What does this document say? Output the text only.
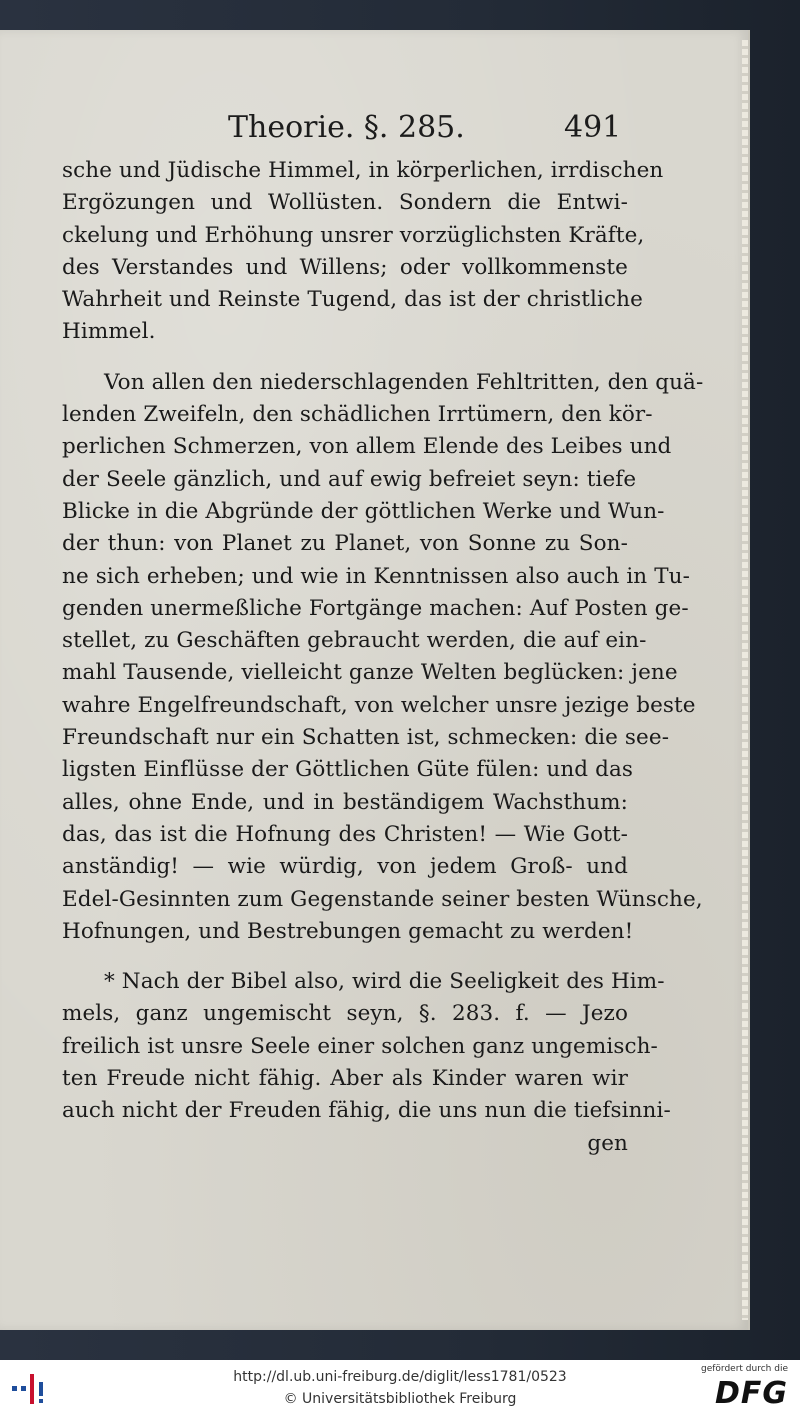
Theorie. §. 285.	491
sche und Jüdische Himmel, in körperlichen, irrdischen
Ergözungen und Wollüsten. Sondern die Entwi-
ckelung und Erhöhung unsrer vorzüglichsten Kräfte,
des Verstandes und Willens; oder vollkommenste
Wahrheit und Reinste Tugend, das ist der christliche
Himmel.
Von allen den niederschlagenden Fehltritten, den quä-
lenden Zweifeln, den schädlichen Irrtümern, den kör-
perlichen Schmerzen, von allem Elende des Leibes und
der Seele gänzlich, und auf ewig befreiet seyn: tiefe
Blicke in die Abgründe der göttlichen Werke und Wun-
der thun: von Planet zu Planet, von Sonne zu Son-
ne sich erheben; und wie in Kenntnissen also auch in Tu-
genden unermeßliche Fortgänge machen: Auf Posten ge-
stellet, zu Geschäften gebraucht werden, die auf ein-
mahl Tausende, vielleicht ganze Welten beglücken: jene
wahre Engelfreundschaft, von welcher unsre jezige beste
Freundschaft nur ein Schatten ist, schmecken: die see-
ligsten Einflüsse der Göttlichen Güte fülen: und das
alles, ohne Ende, und in beständigem Wachsthum:
das, das ist die Hofnung des Christen! — Wie Gott-
anständig! — wie würdig, von jedem Groß- und
Edel-Gesinnten zum Gegenstande seiner besten Wünsche,
Hofnungen, und Bestrebungen gemacht zu werden!
* Nach der Bibel also, wird die Seeligkeit des Him-
mels, ganz ungemischt seyn, §. 283. f. — Jezo
freilich ist unsre Seele einer solchen ganz ungemisch-
ten Freude nicht fähig. Aber als Kinder waren wir
auch nicht der Freuden fähig, die uns nun die tiefsinni-
gen
http://dl.ub.uni-freiburg.de/diglit/less1781/0523
© Universitätsbibliothek Freiburg
gefördert durch die
DFG
